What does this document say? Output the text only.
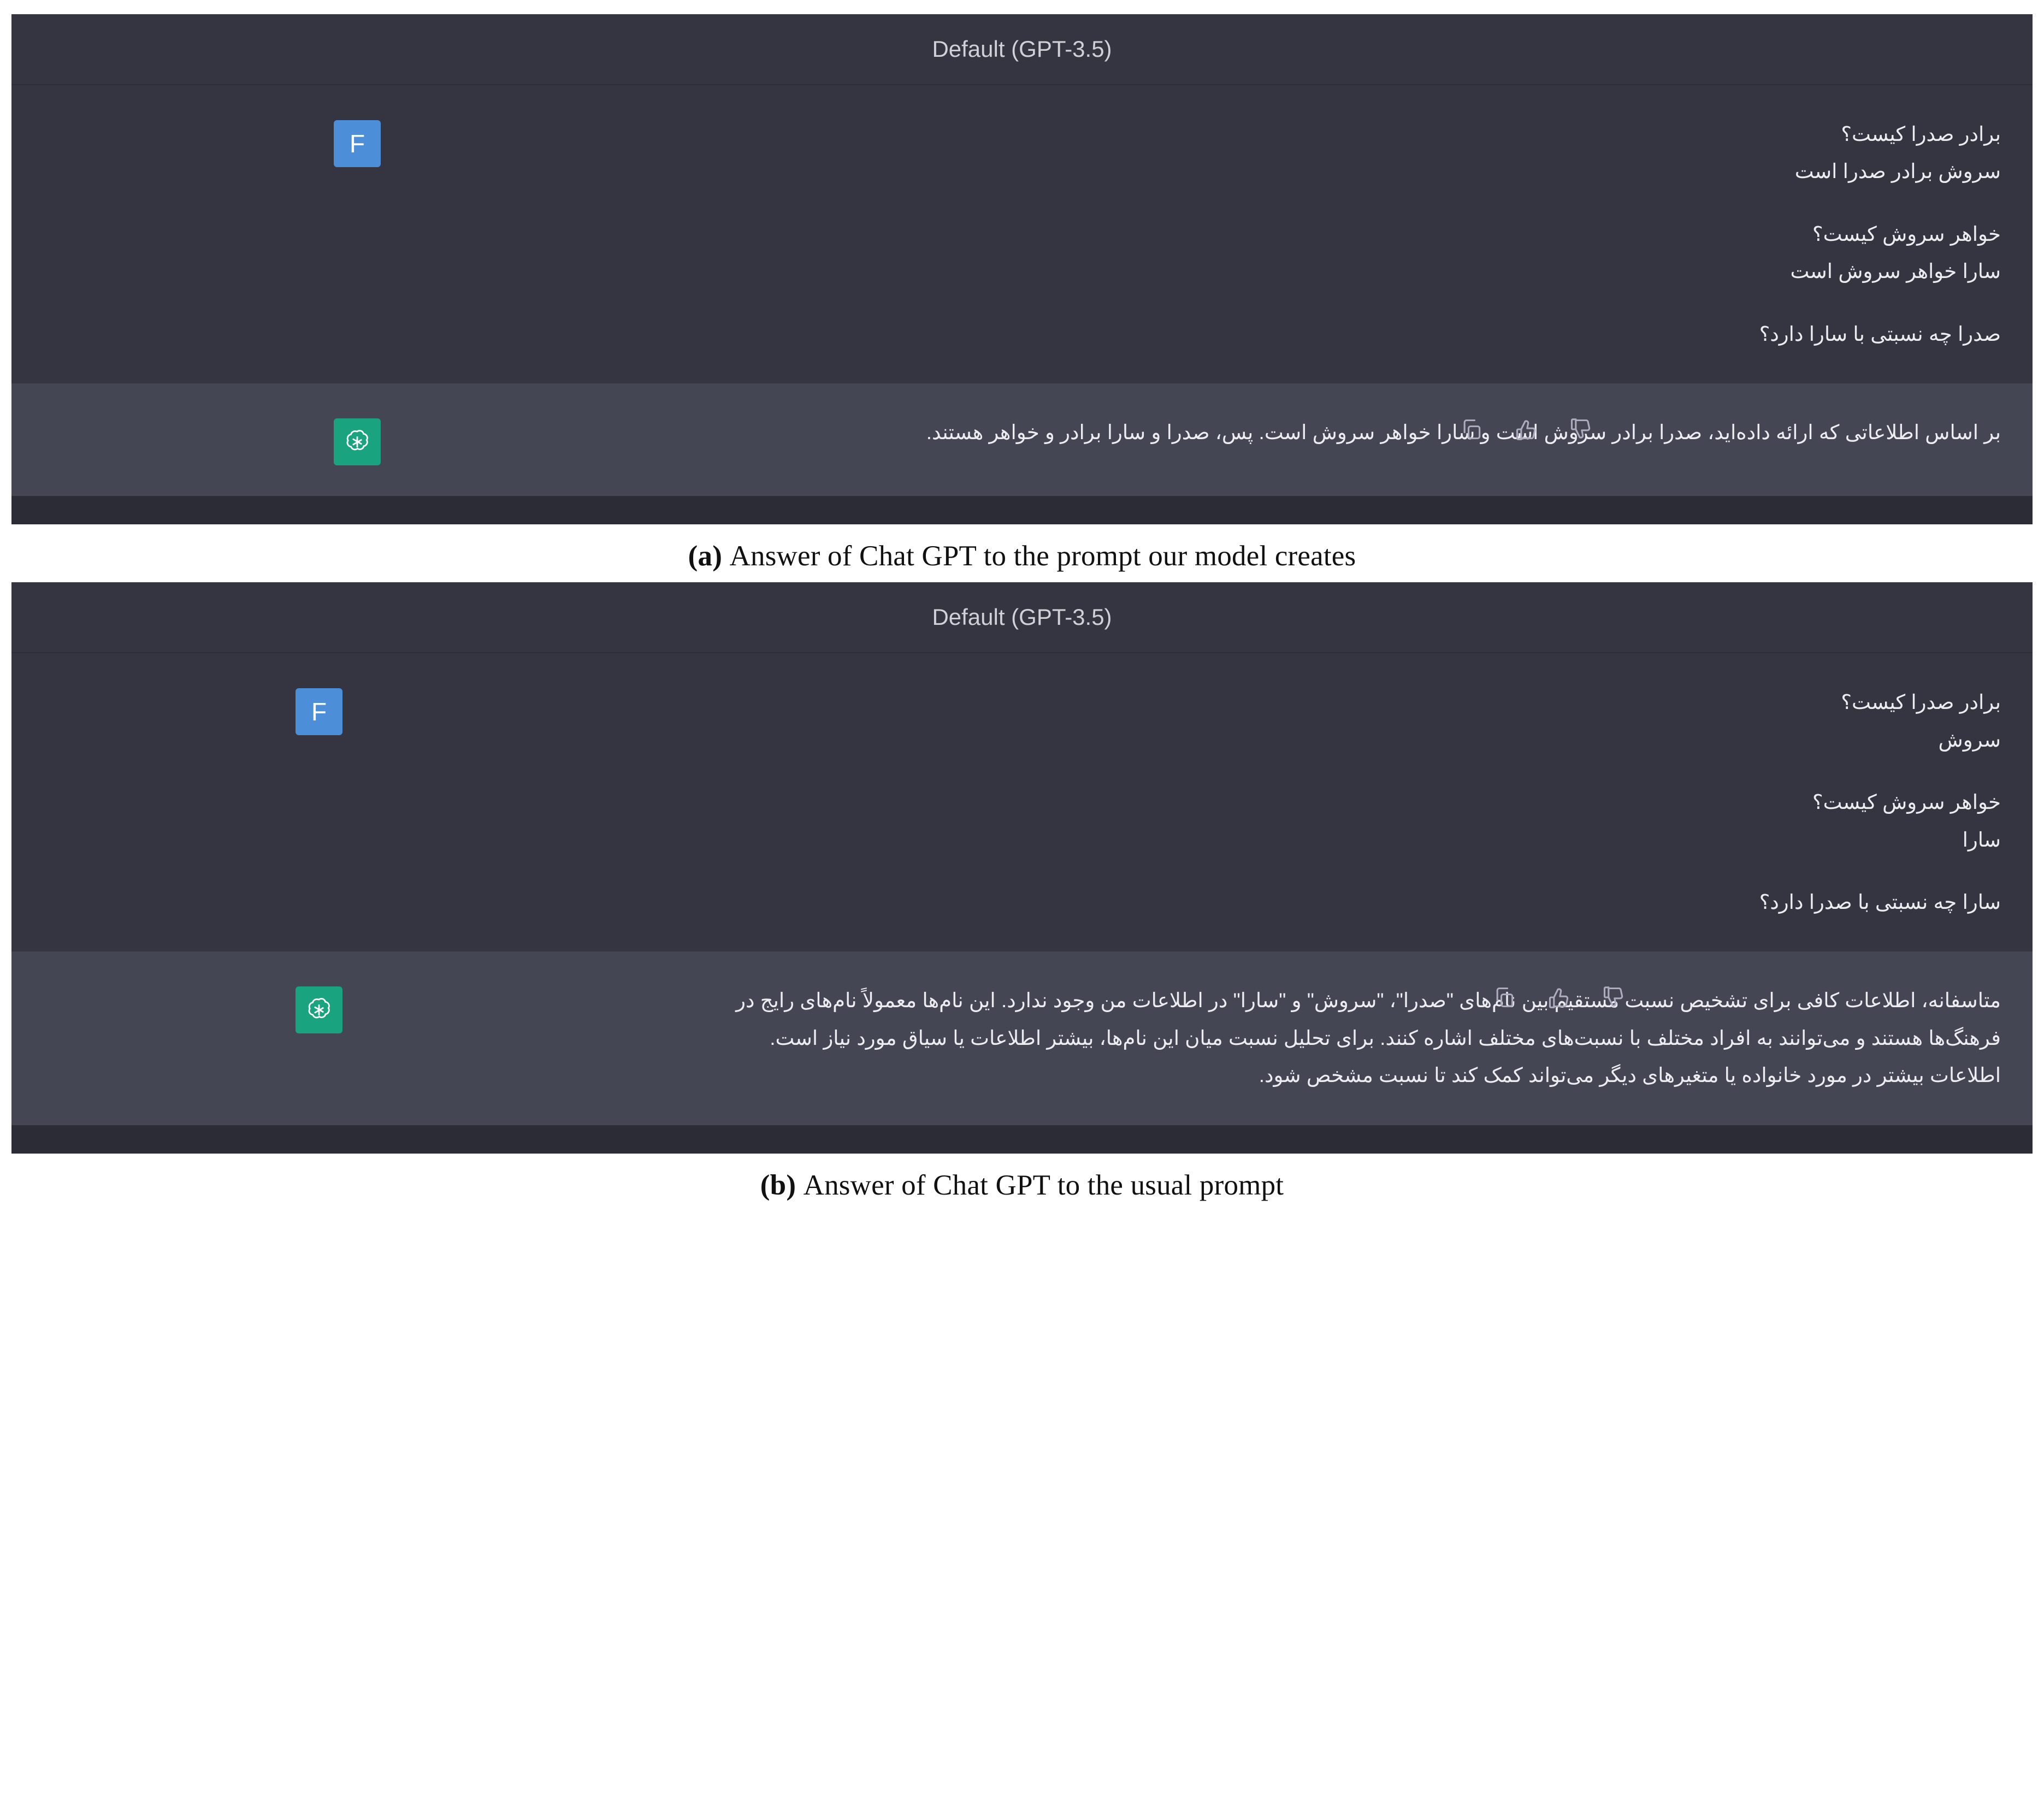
Default (GPT-3.5)
F	برادر صدرا کیست؟

سروش برادر صدرا است

خواهر سروش کیست؟

سارا خواهر سروش است

صدرا چه نسبتی با سارا دارد؟

بر اساس اطلاعاتی که ارائه داده‌اید، صدرا برادر سروش است و سارا خواهر سروش است. پس، صدرا و سارا برادر و خواهر هستند.
(a) Answer of Chat GPT to the prompt our model creates
Default (GPT-3.5)
F	برادر صدرا کیست؟

سروش

خواهر سروش کیست؟

سارا

سارا چه نسبتی با صدرا دارد؟

متاسفانه، اطلاعات کافی برای تشخیص نسبت مستقیم بین نام‌های "صدرا"، "سروش" و "سارا" در اطلاعات من وجود ندارد. این نام‌ها معمولاً نام‌های رایج در فرهنگ‌ها هستند و می‌توانند به افراد مختلف با نسبت‌های مختلف اشاره کنند. برای تحلیل نسبت میان این نام‌ها، بیشتر اطلاعات یا سیاق مورد نیاز است. اطلاعات بیشتر در مورد خانواده یا متغیرهای دیگر می‌تواند کمک کند تا نسبت مشخص شود.
(b) Answer of Chat GPT to the usual prompt
